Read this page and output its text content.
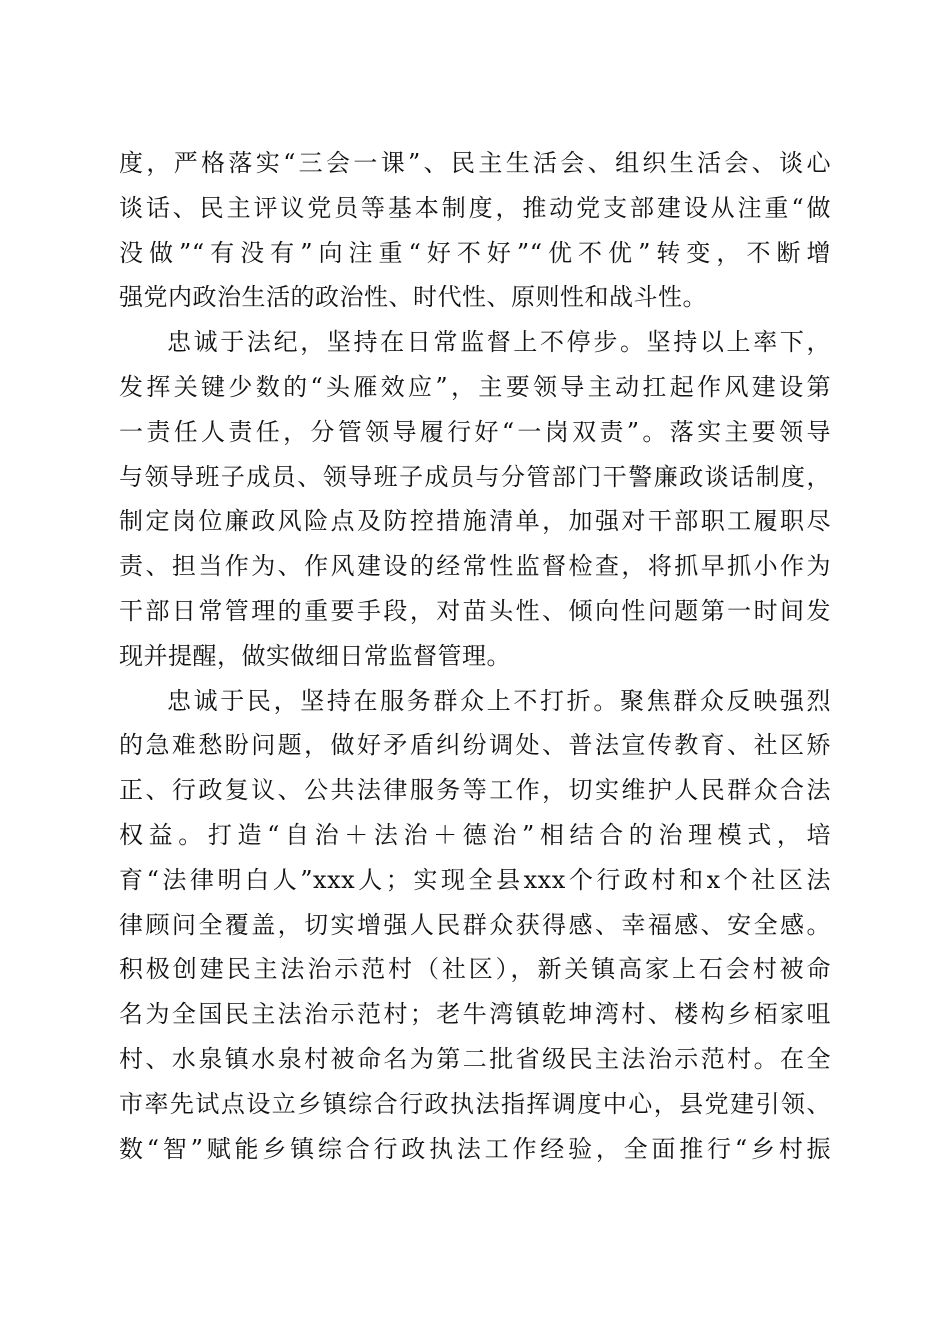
度，严格落实“三会一课”、民主生活会、组织生活会、谈心
谈话、民主评议党员等基本制度，推动党支部建设从注重“做
没做”“有没有”向注重“好不好”“优不优”转变，不断增
强党内政治生活的政治性、时代性、原则性和战斗性。
忠诚于法纪，坚持在日常监督上不停步。坚持以上率下，
发挥关键少数的“头雁效应”，主要领导主动扛起作风建设第
一责任人责任，分管领导履行好“一岗双责”。落实主要领导
与领导班子成员、领导班子成员与分管部门干警廉政谈话制度，
制定岗位廉政风险点及防控措施清单，加强对干部职工履职尽
责、担当作为、作风建设的经常性监督检查，将抓早抓小作为
干部日常管理的重要手段，对苗头性、倾向性问题第一时间发
现并提醒，做实做细日常监督管理。
忠诚于民，坚持在服务群众上不打折。聚焦群众反映强烈
的急难愁盼问题，做好矛盾纠纷调处、普法宣传教育、社区矫
正、行政复议、公共法律服务等工作，切实维护人民群众合法
权益。打造“自治＋法治＋德治”相结合的治理模式，培
育“法律明白人”xxx人；实现全县xxx个行政村和x个社区法
律顾问全覆盖，切实增强人民群众获得感、幸福感、安全感。
积极创建民主法治示范村（社区），新关镇高家上石会村被命
名为全国民主法治示范村；老牛湾镇乾坤湾村、楼构乡栢家咀
村、水泉镇水泉村被命名为第二批省级民主法治示范村。在全
市率先试点设立乡镇综合行政执法指挥调度中心，县党建引领、
数“智”赋能乡镇综合行政执法工作经验，全面推行“乡村振
